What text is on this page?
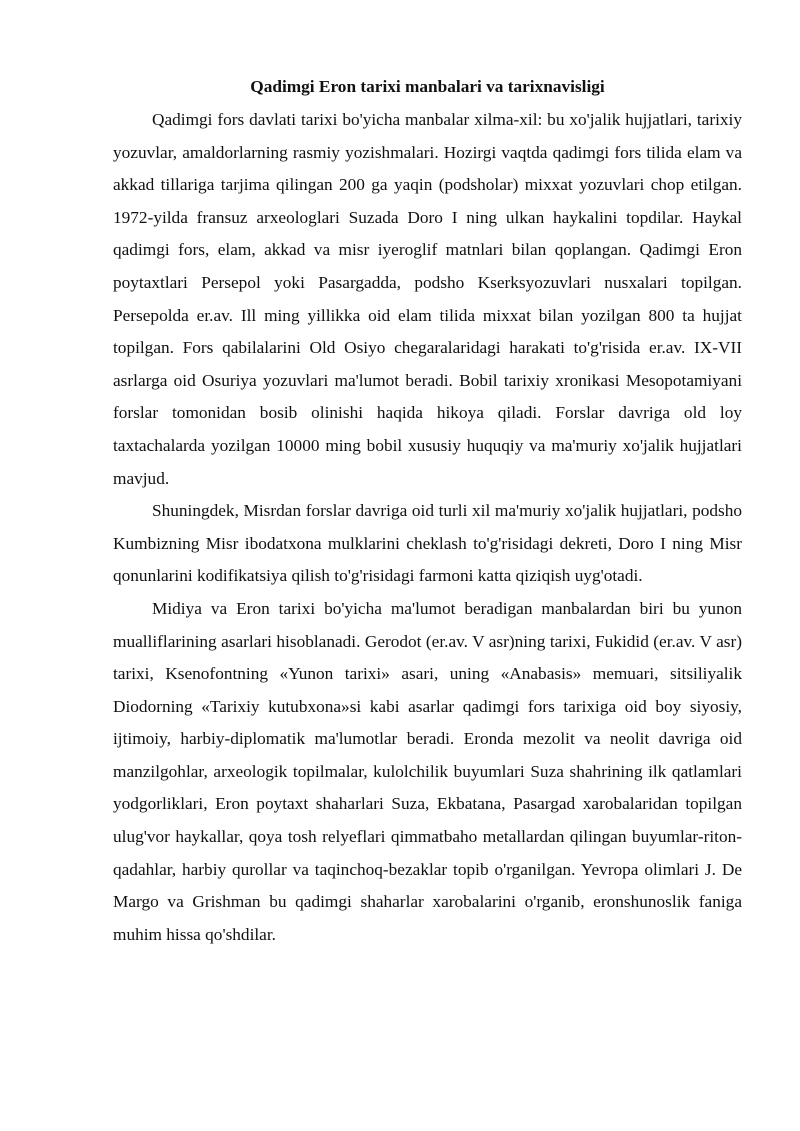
Qadimgi Eron tarixi manbalari va tarixnavisligi

Qadimgi fors davlati tarixi bo'yicha manbalar xilma-xil: bu xo'jalik hujjatlari, tarixiy yozuvlar, amaldorlarning rasmiy yozishmalari. Hozirgi vaqtda qadimgi fors tilida elam va akkad tillariga tarjima qilingan 200 ga yaqin (podsholar) mixxat yozuvlari chop etilgan. 1972-yilda fransuz arxeologlari Suzada Doro I ning ulkan haykalini topdilar. Haykal qadimgi fors, elam, akkad va misr iyeroglif matnlari bilan qoplangan. Qadimgi Eron poytaxtlari Persepol yoki Pasargadda, podsho Kserksyozuvlari nusxalari topilgan. Persepolda er.av. Ill ming yillikka oid elam tilida mixxat bilan yozilgan 800 ta hujjat topilgan. Fors qabilalarini Old Osiyo chegaralaridagi harakati to'g'risida er.av. IX-VII asrlarga oid Osuriya yozuvlari ma'lumot beradi. Bobil tarixiy xronikasi Mesopotamiyani forslar tomonidan bosib olinishi haqida hikoya qiladi. Forslar davriga old loy taxtachalarda yozilgan 10000 ming bobil xususiy huquqiy va ma'muriy xo'jalik hujjatlari mavjud.

Shuningdek, Misrdan forslar davriga oid turli xil ma'muriy xo'jalik hujjatlari, podsho Kumbizning Misr ibodatxona mulklarini cheklash to'g'risidagi dekreti, Doro I ning Misr qonunlarini kodifikatsiya qilish to'g'risidagi farmoni katta qiziqish uyg'otadi.

Midiya va Eron tarixi bo'yicha ma'lumot beradigan manbalardan biri bu yunon mualliflarining asarlari hisoblanadi. Gerodot (er.av. V asr)ning tarixi, Fukidid (er.av. V asr) tarixi, Ksenofontning «Yunon tarixi» asari, uning «Anabasis» memuari, sitsiliyalik Diodorning «Tarixiy kutubxona»si kabi asarlar qadimgi fors tarixiga oid boy siyosiy, ijtimoiy, harbiy-diplomatik ma'lumotlar beradi. Eronda mezolit va neolit davriga oid manzilgohlar, arxeologik topilmalar, kulolchilik buyumlari Suza shahrining ilk qatlamlari yodgorliklari, Eron poytaxt shaharlari Suza, Ekbatana, Pasargad xarobalaridan topilgan ulug'vor haykallar, qoya tosh relyeflari qimmatbaho metallardan qilingan buyumlar-riton-qadahlar, harbiy qurollar va taqinchoq-bezaklar topib o'rganilgan. Yevropa olimlari J. De Margo va Grishman bu qadimgi shaharlar xarobalarini o'rganib, eronshunoslik faniga muhim hissa qo'shdilar.
